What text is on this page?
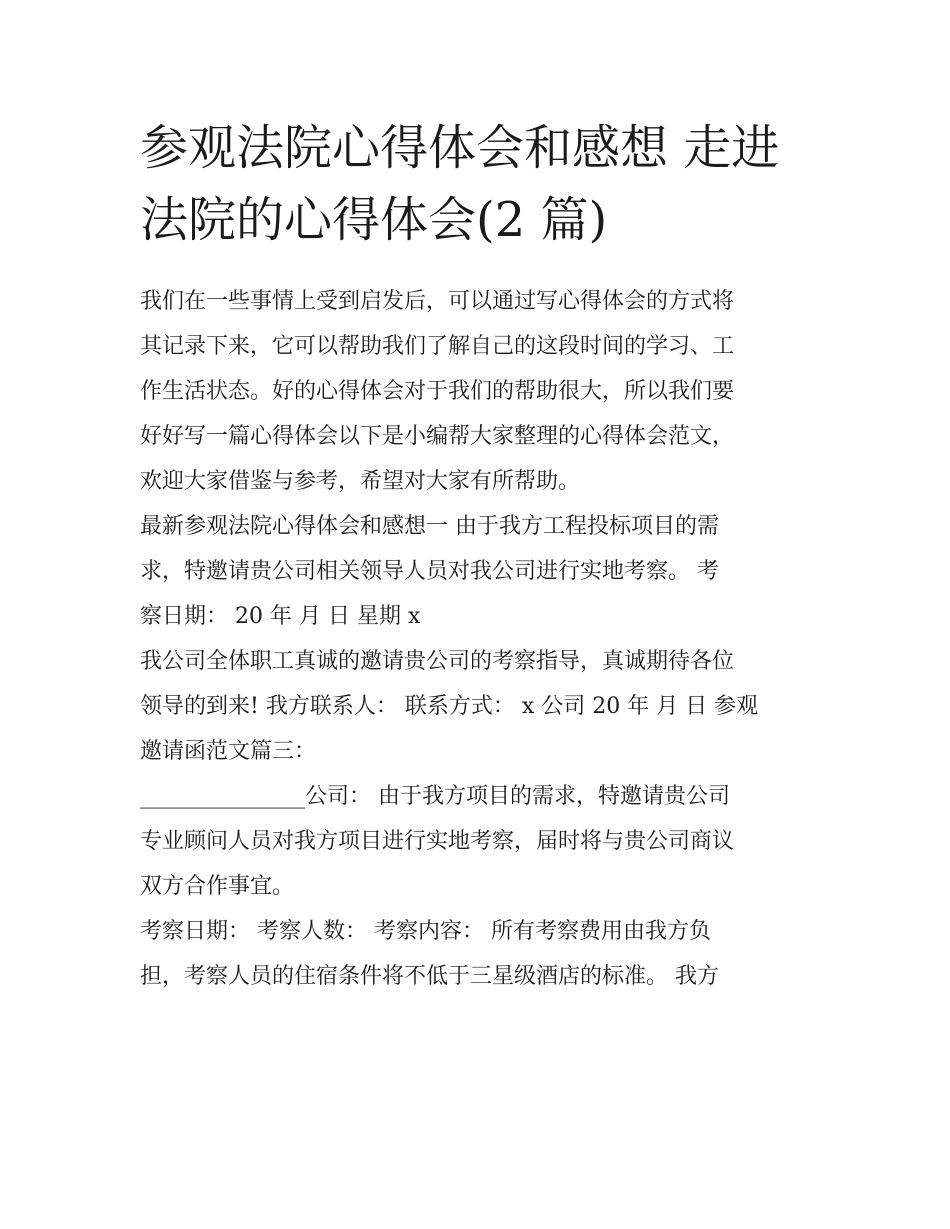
参观法院心得体会和感想 走进
法院的心得体会(2 篇)

我们在一些事情上受到启发后，可以通过写心得体会的方式将
其记录下来，它可以帮助我们了解自己的这段时间的学习、工
作生活状态。好的心得体会对于我们的帮助很大，所以我们要
好好写一篇心得体会以下是小编帮大家整理的心得体会范文，
欢迎大家借鉴与参考，希望对大家有所帮助。

最新参观法院心得体会和感想一 由于我方工程投标项目的需
求，特邀请贵公司相关领导人员对我公司进行实地考察。 考
察日期： 20 年 月 日 星期 x

我公司全体职工真诚的邀请贵公司的考察指导，真诚期待各位
领导的到来! 我方联系人： 联系方式： x 公司 20 年 月 日 参观
邀请函范文篇三：

_______________公司： 由于我方项目的需求，特邀请贵公司
专业顾问人员对我方项目进行实地考察，届时将与贵公司商议
双方合作事宜。

考察日期： 考察人数： 考察内容： 所有考察费用由我方负
担，考察人员的住宿条件将不低于三星级酒店的标准。 我方
